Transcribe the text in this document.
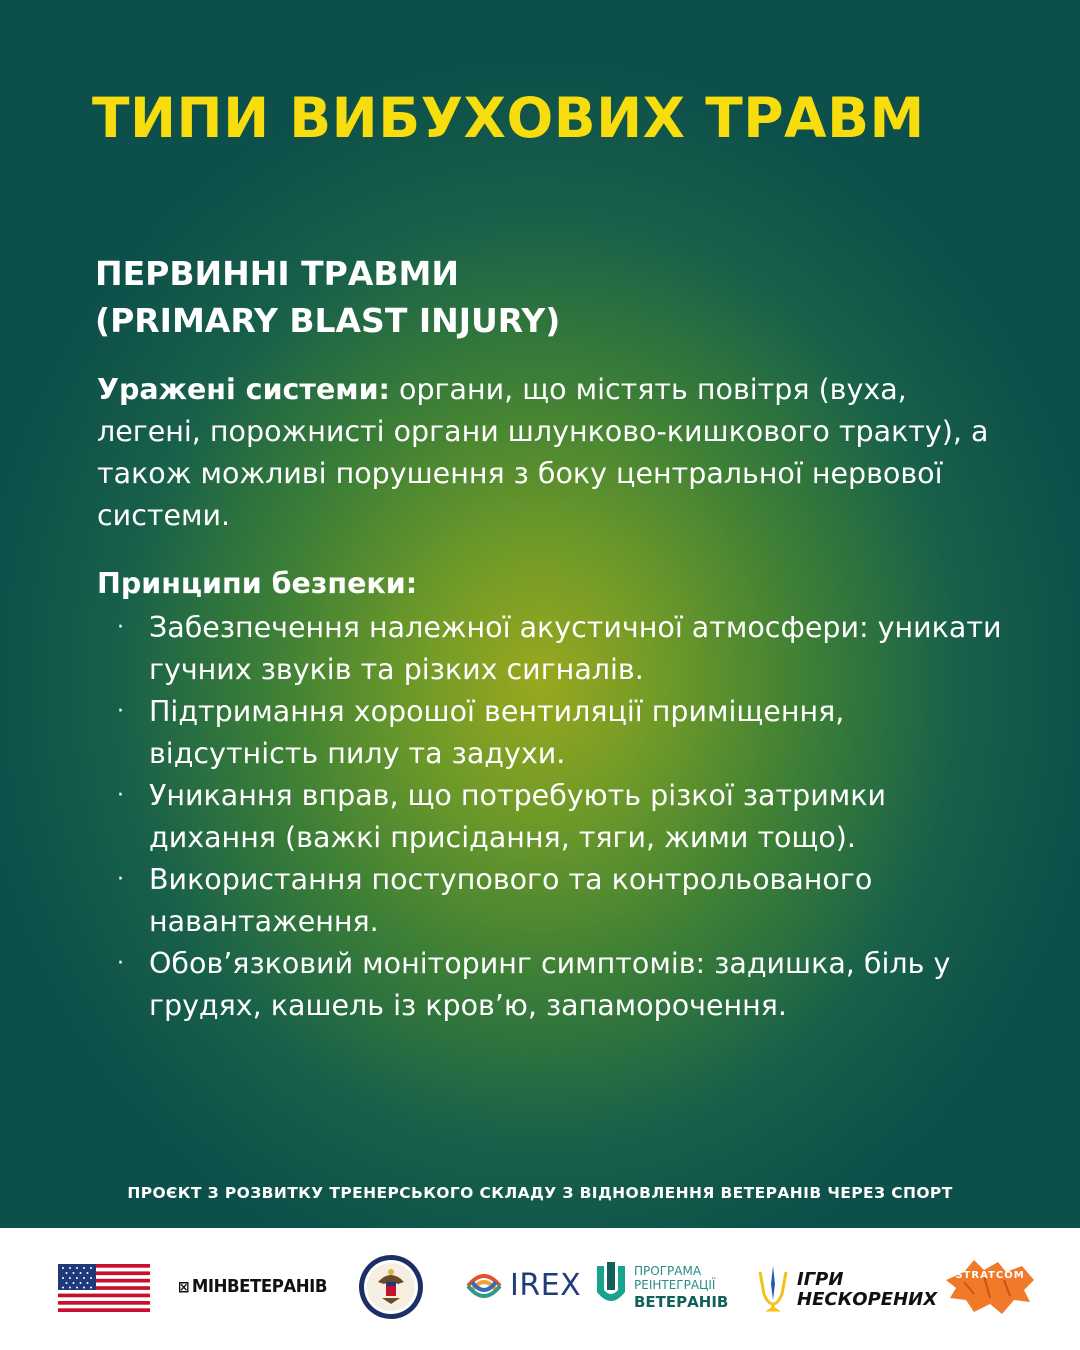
ТИПИ ВИБУХОВИХ ТРАВМ
ПЕРВИННІ ТРАВМИ
(PRIMARY BLAST INJURY)

Уражені системи: органи, що містять повітря (вуха, легені, порожнисті органи шлунково-кишкового тракту), а також можливі порушення з боку центральної нервової системи.

Принципи безпеки:

· Забезпечення належної акустичної атмосфери: уникати гучних звуків та різких сигналів.
· Підтримання хорошої вентиляції приміщення, відсутність пилу та задухи.
· Уникання вправ, що потребують різкої затримки дихання (важкі присідання, тяги, жими тощо).
· Використання поступового та контрольованого навантаження.
· Обов’язковий моніторинг симптомів: задишка, біль у грудях, кашель із кров’ю, запаморочення.
ПРОЄКТ З РОЗВИТКУ ТРЕНЕРСЬКОГО СКЛАДУ З ВІДНОВЛЕННЯ ВЕТЕРАНІВ ЧЕРЕЗ СПОРТ
⊠ МІНВЕТЕРАНІВ	IREX	ПРОГРАМА
РЕІНТЕГРАЦІЇ
ВЕТЕРАНІВ
ІГРИ
НЕСКОРЕНИХ
STRATCOM
